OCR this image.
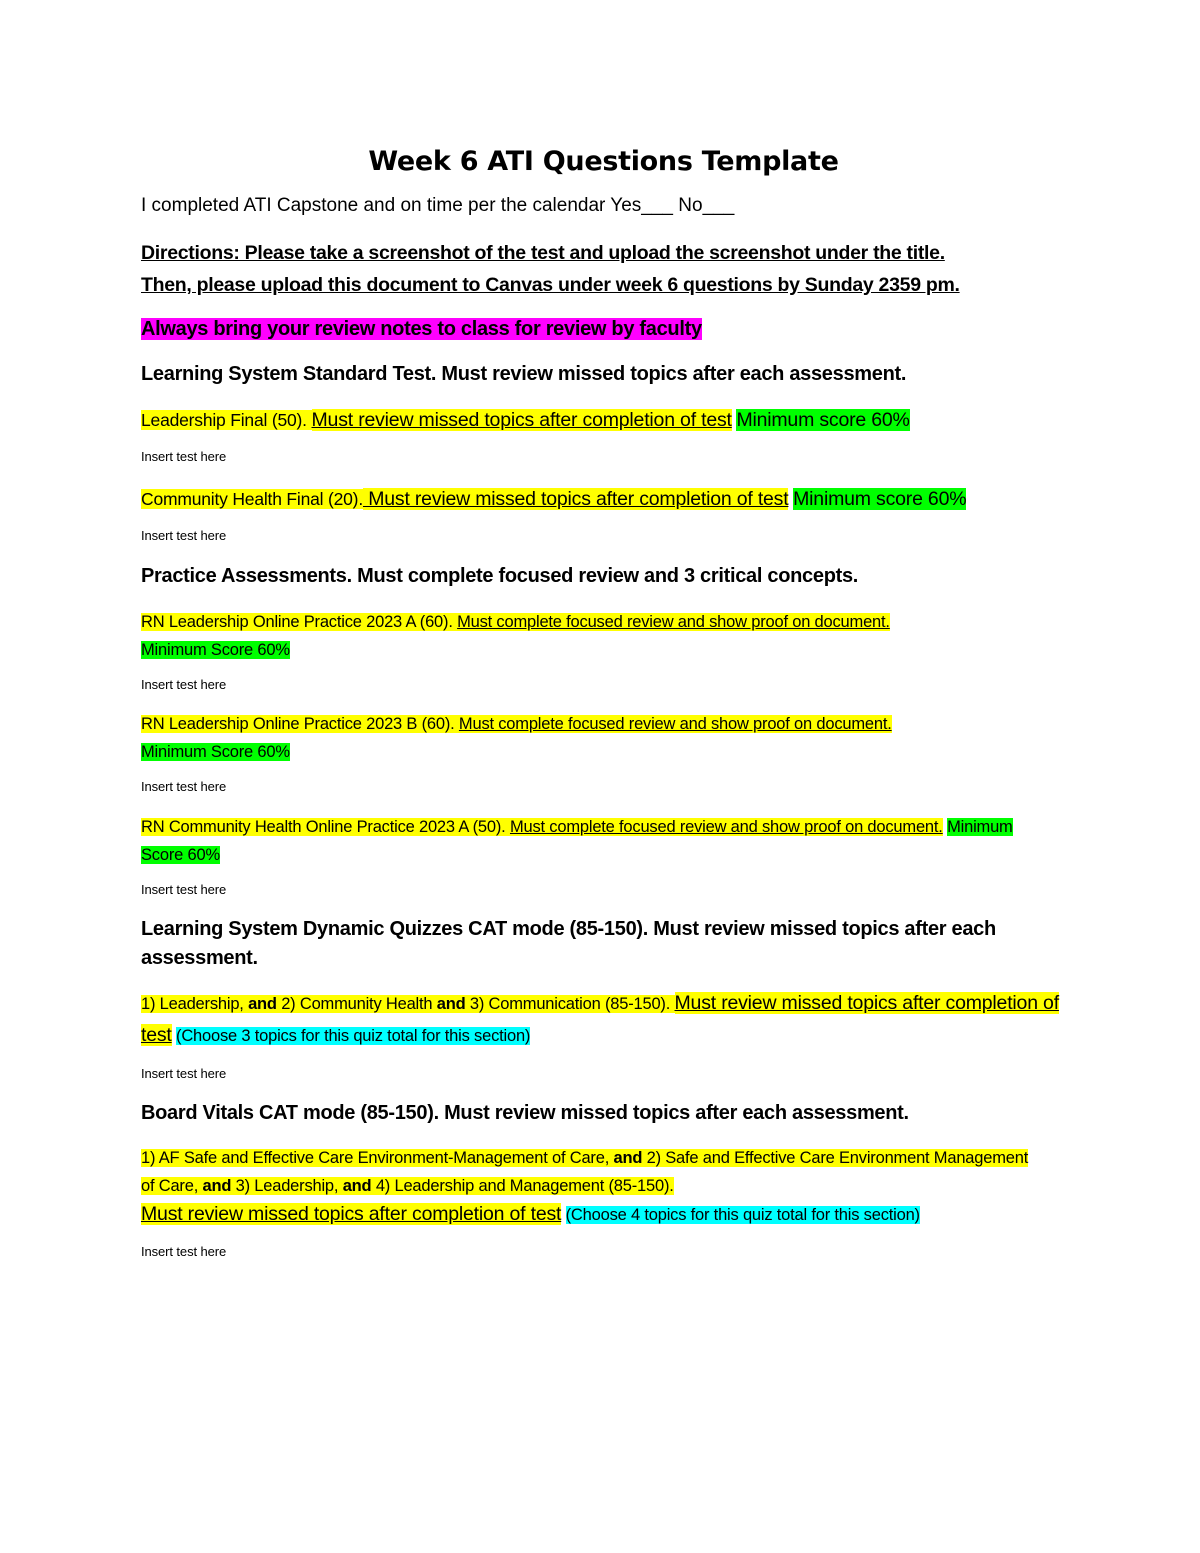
Week 6 ATI Questions Template

I completed ATI Capstone and on time per the calendar Yes___ No___

Directions: Please take a screenshot of the test and upload the screenshot under the title.
Then, please upload this document to Canvas under week 6 questions by Sunday 2359 pm.

Always bring your review notes to class for review by faculty

Learning System Standard Test. Must review missed topics after each assessment.

Leadership Final (50). Must review missed topics after completion of test Minimum score 60%

Insert test here

Community Health Final (20). Must review missed topics after completion of test Minimum score 60%

Insert test here

Practice Assessments. Must complete focused review and 3 critical concepts.

RN Leadership Online Practice 2023 A (60). Must complete focused review and show proof on document.
Minimum Score 60%

Insert test here

RN Leadership Online Practice 2023 B (60). Must complete focused review and show proof on document.
Minimum Score 60%

Insert test here

RN Community Health Online Practice 2023 A (50). Must complete focused review and show proof on document. Minimum Score 60%

Insert test here

Learning System Dynamic Quizzes CAT mode (85-150). Must review missed topics after each assessment.

1) Leadership, and 2) Community Health and 3) Communication (85-150). Must review missed topics after completion of test (Choose 3 topics for this quiz total for this section)

Insert test here

Board Vitals CAT mode (85-150). Must review missed topics after each assessment.

1) AF Safe and Effective Care Environment-Management of Care, and 2) Safe and Effective Care Environment Management of Care, and 3) Leadership, and 4) Leadership and Management (85-150).
Must review missed topics after completion of test (Choose 4 topics for this quiz total for this section)

Insert test here
